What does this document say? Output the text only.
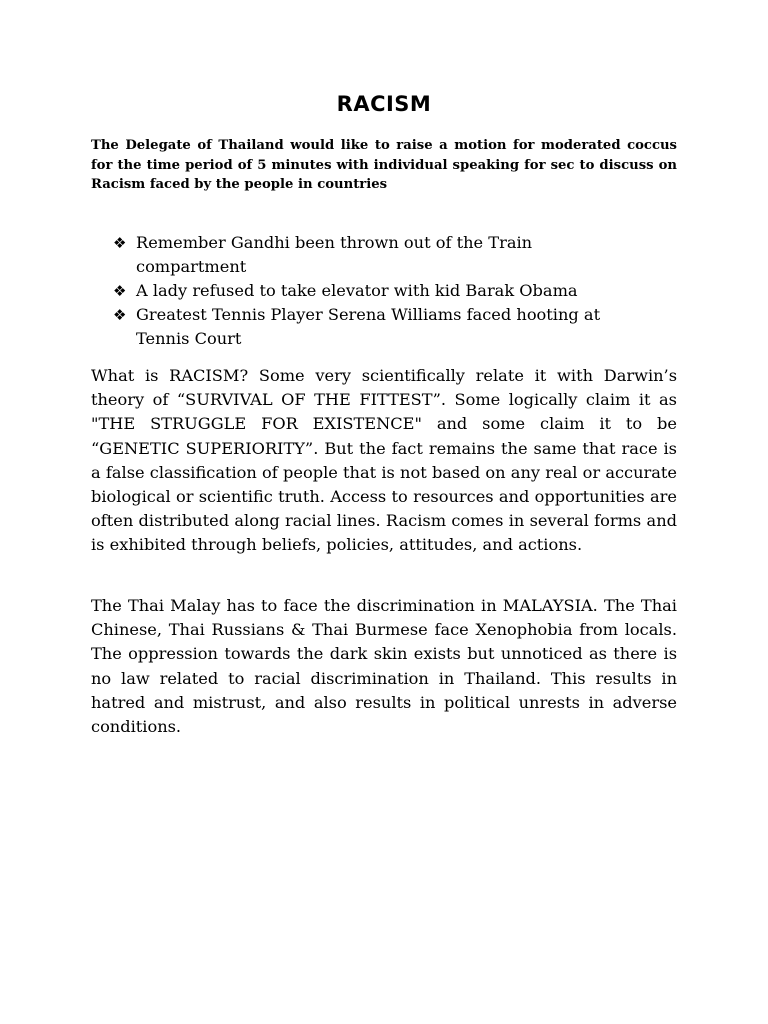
RACISM

The Delegate of Thailand would like to raise a motion for moderated coccus for the time period of 5 minutes with individual speaking for sec to discuss on Racism faced by the people in countries

❖ Remember Gandhi been thrown out of the Train compartment
❖ A lady refused to take elevator with kid Barak Obama
❖ Greatest Tennis Player Serena Williams faced hooting at Tennis Court

What is RACISM? Some very scientifically relate it with Darwin’s theory of “SURVIVAL OF THE FITTEST”. Some logically claim it as "THE STRUGGLE FOR EXISTENCE" and some claim it to be “GENETIC SUPERIORITY”. But the fact remains the same that race is a false classification of people that is not based on any real or accurate biological or scientific truth. Access to resources and opportunities are often distributed along racial lines. Racism comes in several forms and is exhibited through beliefs, policies, attitudes, and actions.

The Thai Malay has to face the discrimination in MALAYSIA. The Thai Chinese, Thai Russians & Thai Burmese face Xenophobia from locals. The oppression towards the dark skin exists but unnoticed as there is no law related to racial discrimination in Thailand. This results in hatred and mistrust, and also results in political unrests in adverse conditions.
